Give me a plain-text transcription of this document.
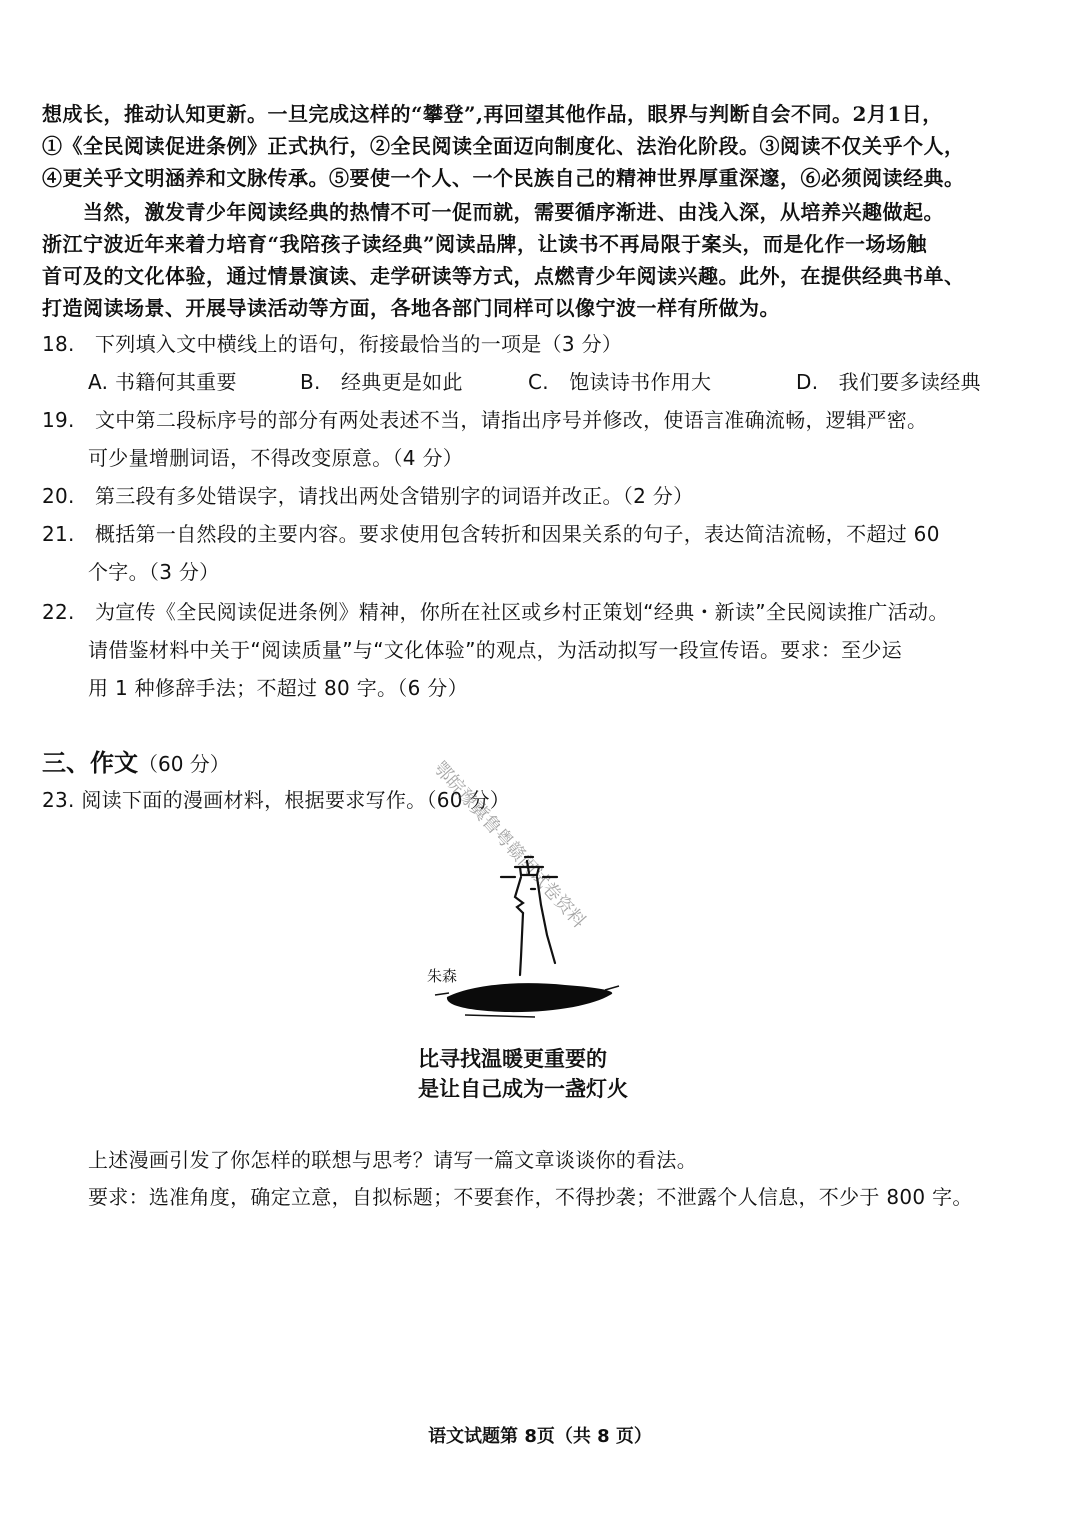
想成长，推动认知更新。一旦完成这样的“攀登”,再回望其他作品，眼界与判断自会不同。2月1日，
①《全民阅读促进条例》正式执行，②全民阅读全面迈向制度化、法治化阶段。③阅读不仅关乎个人，
④更关乎文明涵养和文脉传承。⑤要使一个人、一个民族自己的精神世界厚重深邃，⑥必须阅读经典。
　　当然，激发青少年阅读经典的热情不可一促而就，需要循序渐进、由浅入深，从培养兴趣做起。
浙江宁波近年来着力培育“我陪孩子读经典”阅读品牌，让读书不再局限于案头，而是化作一场场触
首可及的文化体验，通过情景演读、走学研读等方式，点燃青少年阅读兴趣。此外，在提供经典书单、
打造阅读场景、开展导读活动等方面，各地各部门同样可以像宁波一样有所做为。
18.　下列填入文中横线上的语句，衔接最恰当的一项是（3 分）
A. 书籍何其重要	B.　经典更是如此	C.　饱读诗书作用大	D.　我们要多读经典
19.　文中第二段标序号的部分有两处表述不当，请指出序号并修改，使语言准确流畅，逻辑严密。
可少量增删词语，不得改变原意。（4 分）
20.　第三段有多处错误字，请找出两处含错别字的词语并改正。（2 分）
21.　概括第一自然段的主要内容。要求使用包含转折和因果关系的句子，表达简洁流畅，不超过 60
个字。（3 分）
22.　为宣传《全民阅读促进条例》精神，你所在社区或乡村正策划“经典・新读”全民阅读推广活动。
请借鉴材料中关于“阅读质量”与“文化体验”的观点，为活动拟写一段宣传语。要求：至少运
用 1 种修辞手法；不超过 80 字。（6 分）
三、作文（60 分）
23. 阅读下面的漫画材料，根据要求写作。（60 分）
鄂皖豫冀鲁粤赣闽试卷资料
朱森
比寻找温暖更重要的
是让自己成为一盏灯火
上述漫画引发了你怎样的联想与思考？请写一篇文章谈谈你的看法。
要求：选准角度，确定立意，自拟标题；不要套作，不得抄袭；不泄露个人信息，不少于 800 字。
语文试题第 8页（共 8 页）
